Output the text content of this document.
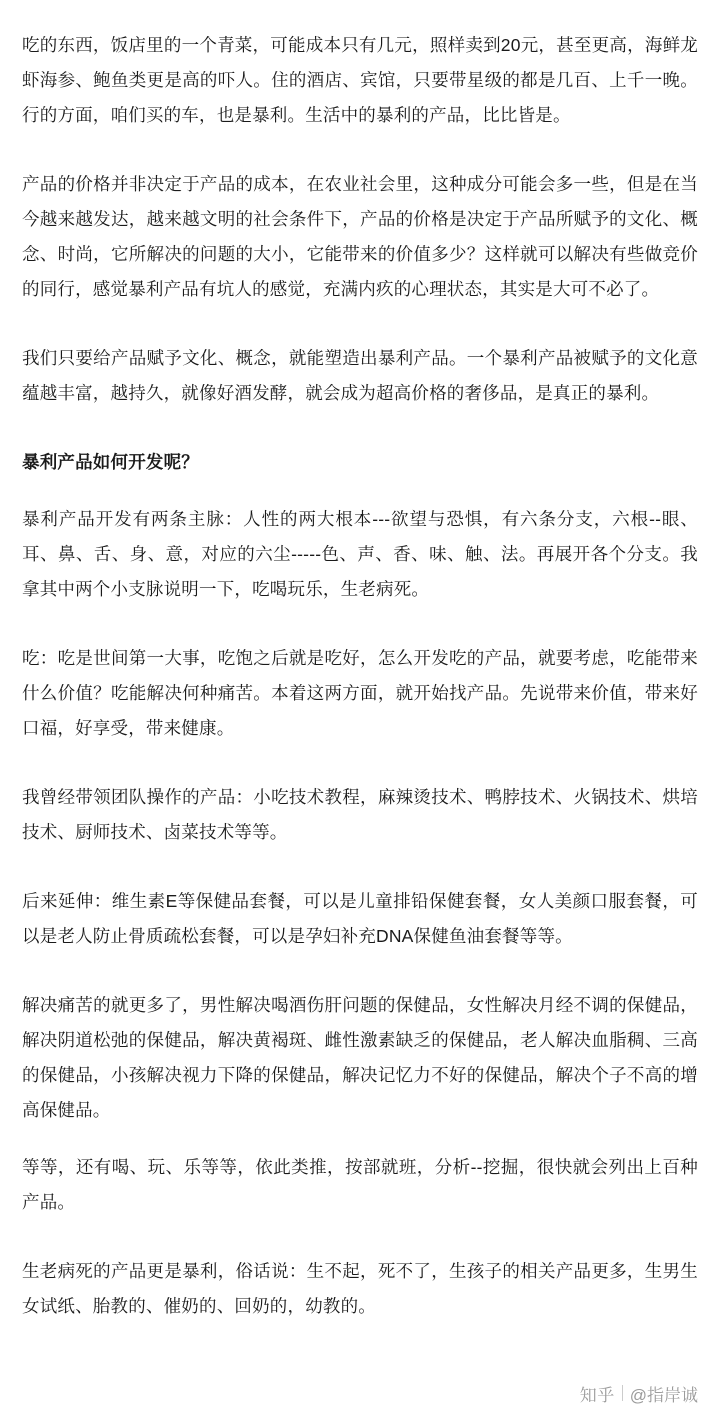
吃的东西，饭店里的一个青菜，可能成本只有几元，照样卖到20元，甚至更高，海鲜龙虾海参、鲍鱼类更是高的吓人。住的酒店、宾馆，只要带星级的都是几百、上千一晚。行的方面，咱们买的车，也是暴利。生活中的暴利的产品，比比皆是。

产品的价格并非决定于产品的成本，在农业社会里，这种成分可能会多一些，但是在当今越来越发达，越来越文明的社会条件下，产品的价格是决定于产品所赋予的文化、概念、时尚，它所解决的问题的大小，它能带来的价值多少？这样就可以解决有些做竞价的同行，感觉暴利产品有坑人的感觉，充满内疚的心理状态，其实是大可不必了。

我们只要给产品赋予文化、概念，就能塑造出暴利产品。一个暴利产品被赋予的文化意蕴越丰富，越持久，就像好酒发酵，就会成为超高价格的奢侈品，是真正的暴利。

暴利产品如何开发呢？

暴利产品开发有两条主脉：人性的两大根本---欲望与恐惧，有六条分支，六根--眼、耳、鼻、舌、身、意，对应的六尘-----色、声、香、味、触、法。再展开各个分支。我拿其中两个小支脉说明一下，吃喝玩乐，生老病死。

吃：吃是世间第一大事，吃饱之后就是吃好，怎么开发吃的产品，就要考虑，吃能带来什么价值？吃能解决何种痛苦。本着这两方面，就开始找产品。先说带来价值，带来好口福，好享受，带来健康。

我曾经带领团队操作的产品：小吃技术教程，麻辣烫技术、鸭脖技术、火锅技术、烘培技术、厨师技术、卤菜技术等等。

后来延伸：维生素E等保健品套餐，可以是儿童排铅保健套餐，女人美颜口服套餐，可以是老人防止骨质疏松套餐，可以是孕妇补充DNA保健鱼油套餐等等。

解决痛苦的就更多了，男性解决喝酒伤肝问题的保健品，女性解决月经不调的保健品，解决阴道松弛的保健品，解决黄褐斑、雌性激素缺乏的保健品，老人解决血脂稠、三高的保健品，小孩解决视力下降的保健品，解决记忆力不好的保健品，解决个子不高的增高保健品。

等等，还有喝、玩、乐等等，依此类推，按部就班，分析--挖掘，很快就会列出上百种产品。

生老病死的产品更是暴利，俗话说：生不起，死不了，生孩子的相关产品更多，生男生女试纸、胎教的、催奶的、回奶的，幼教的。

知乎 @指岸诚
